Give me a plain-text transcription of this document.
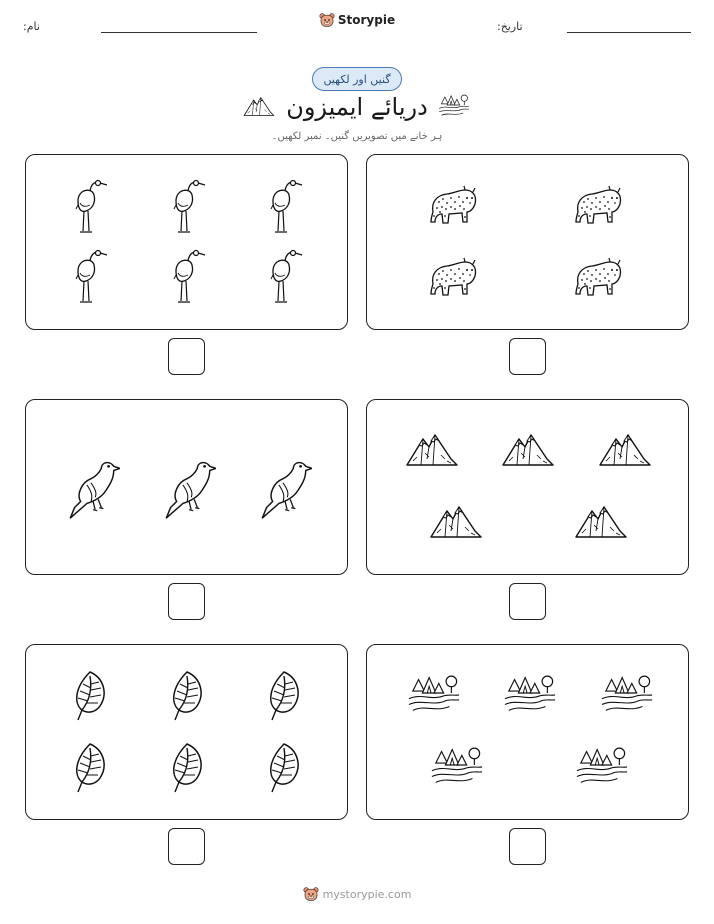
نام:	Storypie	تاریخ:
گنیں اور لکھیں
دریائے ایمیزون
ہر خانے میں تصویریں گنیں۔ نمبر لکھیں۔
mystorypie.com
